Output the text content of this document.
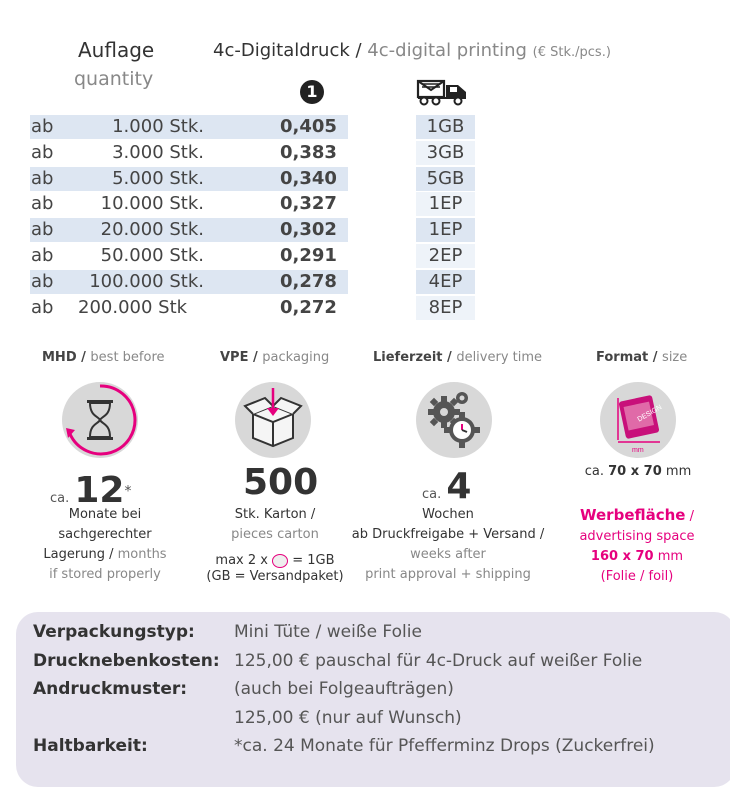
Auflage
quantity
4c-Digitaldruck / 4c-digital printing (€ Stk./pcs.)
1
ab	1.000 Stk.	0,405	1GB
ab	3.000 Stk.	0,383	3GB
ab	5.000 Stk.	0,340	5GB
ab	10.000 Stk.	0,327	1EP
ab	20.000 Stk.	0,302	1EP
ab	50.000 Stk.	0,291	2EP
ab	100.000 Stk.	0,278	4EP
ab 200.000 Stk	0,272	8EP
MHD / best before
ca. 12*
Monate bei
sachgerechter
Lagerung / months
if stored properly
VPE / packaging
500
Stk. Karton /
pieces carton
max 2 x = 1GB
(GB = Versandpaket)
Lieferzeit / delivery time
ca. 4
Wochen
ab Druckfreigabe + Versand /
weeks after
print approval + shipping
Format / size
DESIGN
mm
ca. 70 x 70 mm
Werbefläche /
advertising space
160 x 70 mm
(Folie / foil)
Verpackungstyp: Mini Tüte / weiße Folie
Drucknebenkosten: 125,00 € pauschal für 4c-Druck auf weißer Folie
Andruckmuster:	(auch bei Folgeaufträgen)
125,00 € (nur auf Wunsch)
Haltbarkeit:	*ca. 24 Monate für Pfefferminz Drops (Zuckerfrei)
